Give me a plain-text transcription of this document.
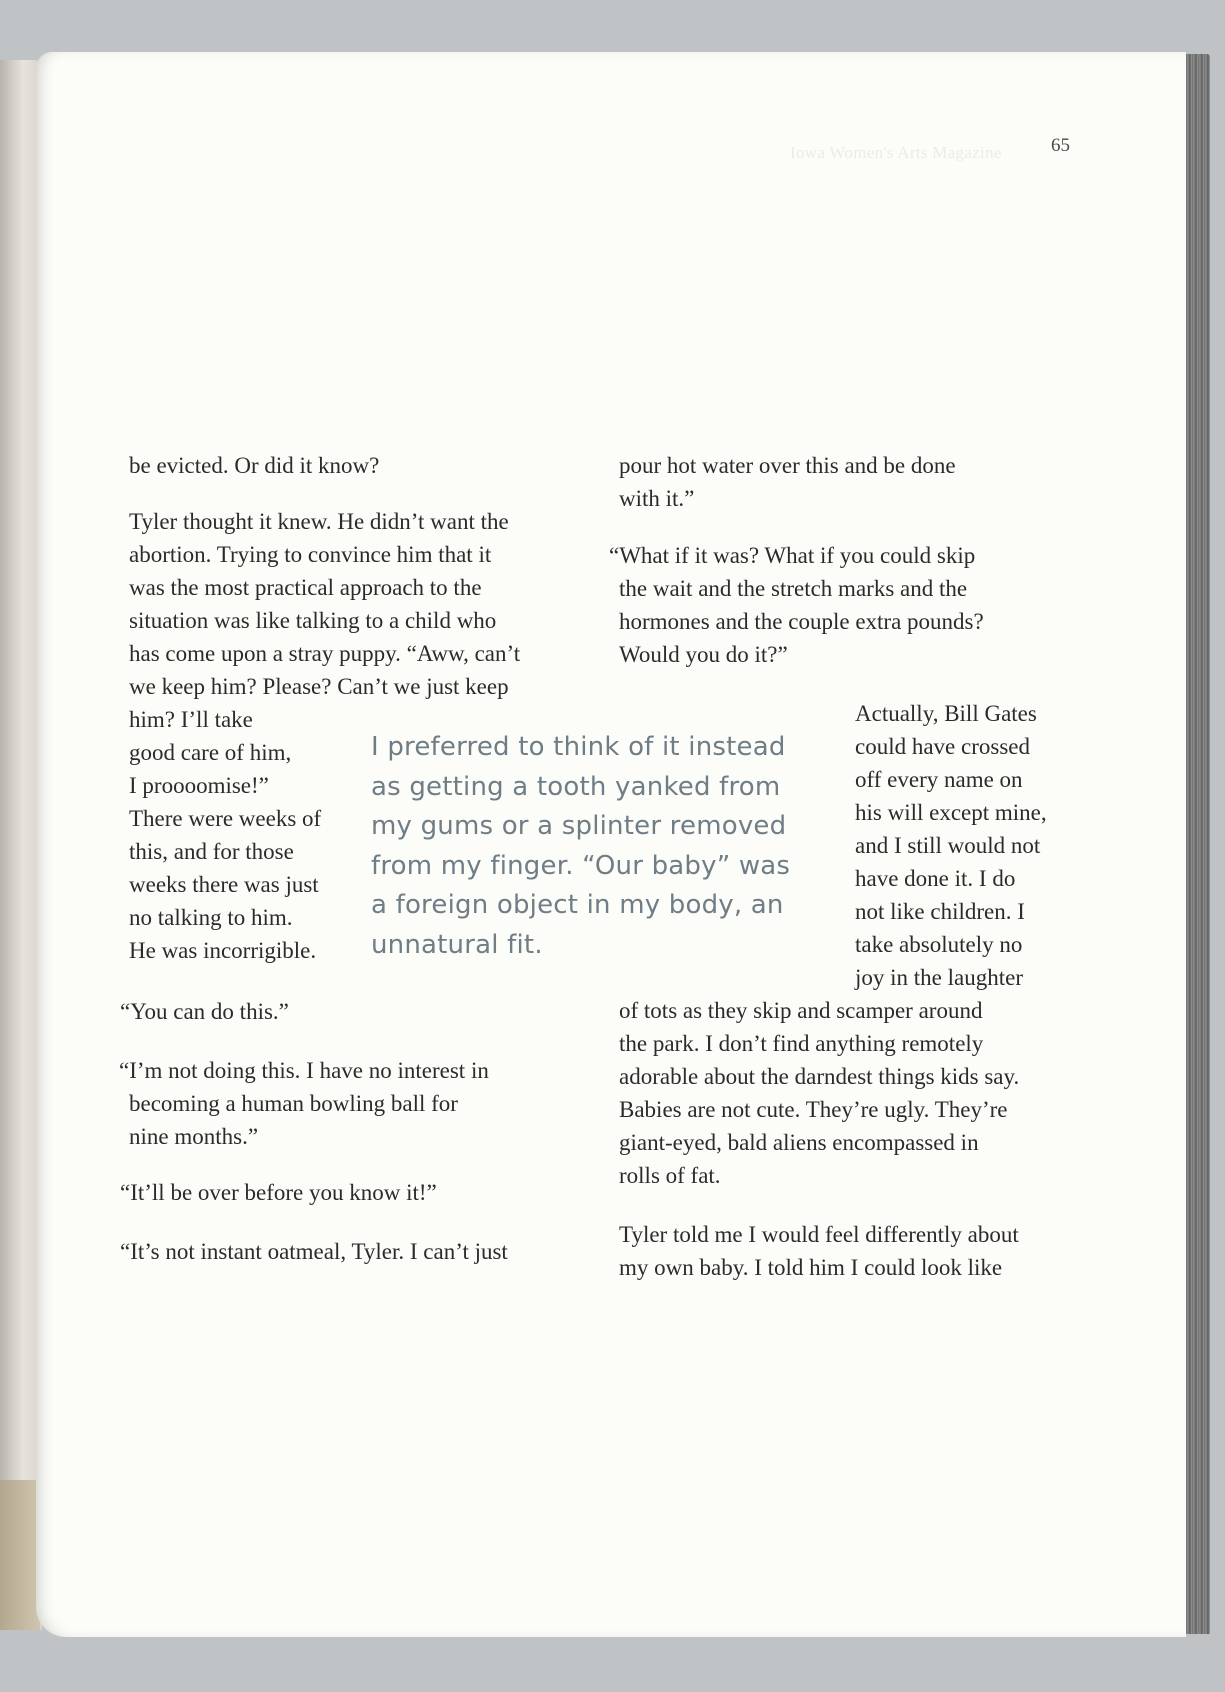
Iowa Women's Arts Magazine	65

be evicted. Or did it know?

Tyler thought it knew. He didn’t want the
abortion. Trying to convince him that it
was the most practical approach to the
situation was like talking to a child who
has come upon a stray puppy. “Aww, can’t
we keep him? Please? Can’t we just keep
him? I’ll take
good care of him,
I proooomise!”
There were weeks of
this, and for those
weeks there was just
no talking to him.
He was incorrigible.

“You can do this.”

“I’m not doing this. I have no interest in
becoming a human bowling ball for
nine months.”

“It’ll be over before you know it!”

“It’s not instant oatmeal, Tyler. I can’t just

pour hot water over this and be done
with it.”

“What if it was? What if you could skip
the wait and the stretch marks and the
hormones and the couple extra pounds?
Would you do it?”

Actually, Bill Gates
could have crossed
off every name on
his will except mine,
and I still would not
have done it. I do
not like children. I
take absolutely no
joy in the laughter

of tots as they skip and scamper around
the park. I don’t find anything remotely
adorable about the darndest things kids say.
Babies are not cute. They’re ugly. They’re
giant-eyed, bald aliens encompassed in
rolls of fat.

Tyler told me I would feel differently about
my own baby. I told him I could look like

I preferred to think of it instead
as getting a tooth yanked from
my gums or a splinter removed
from my finger. “Our baby” was
a foreign object in my body, an
unnatural fit.
